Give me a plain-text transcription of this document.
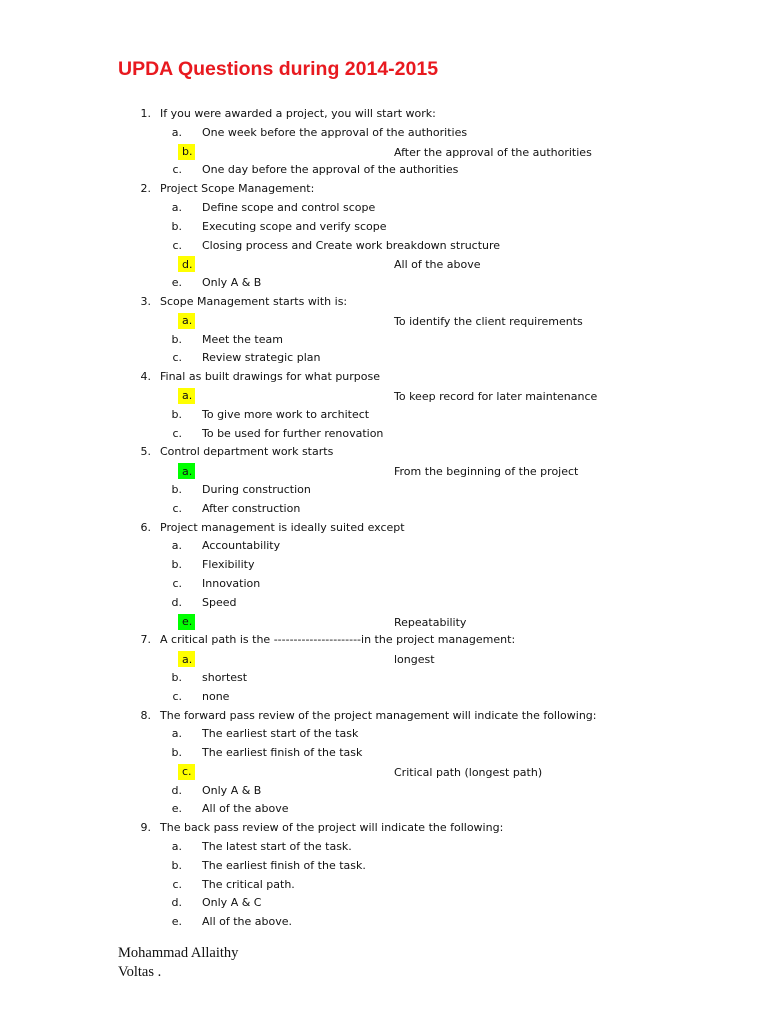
UPDA Questions during 2014-2015
1. If you were awarded a project, you will start work:
a. One week before the approval of the authorities
b.	After the approval of the authorities
c. One day before the approval of the authorities
2. Project Scope Management:
a. Define scope and control scope
b. Executing scope and verify scope
c. Closing process and Create work breakdown structure
d.	All of the above
e. Only A & B
3. Scope Management starts with is:
a.	To identify the client requirements
b. Meet the team
c. Review strategic plan
4. Final as built drawings for what purpose
a.	To keep record for later maintenance
b. To give more work to architect
c. To be used for further renovation
5. Control department work starts
a.	From the beginning of the project
b. During construction
c. After construction
6. Project management is ideally suited except
a. Accountability
b. Flexibility
c. Innovation
d. Speed
e.	Repeatability
7. A critical path is the ----------------------in the project management:
a.	longest
b. shortest
c. none
8. The forward pass review of the project management will indicate the following:
a. The earliest start of the task
b. The earliest finish of the task
c.	Critical path (longest path)
d. Only A & B
e. All of the above
9. The back pass review of the project will indicate the following:
a. The latest start of the task.
b. The earliest finish of the task.
c. The critical path.
d. Only A & C
e. All of the above.
Mohammad Allaithy
Voltas .
